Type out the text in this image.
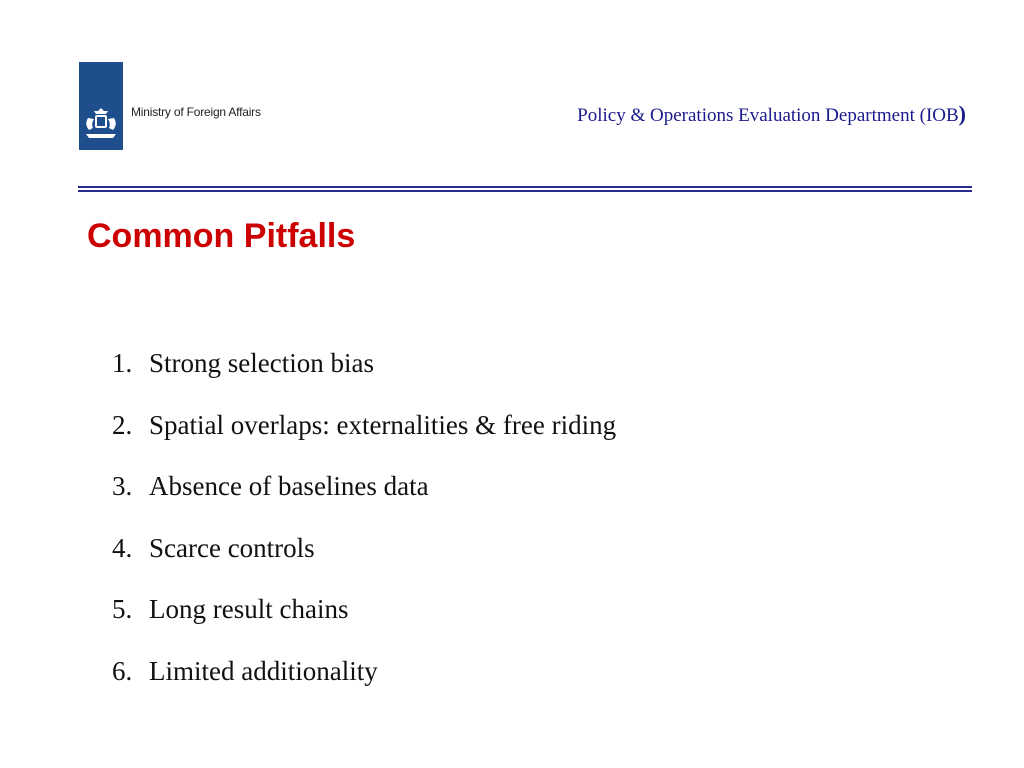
Ministry of Foreign Affairs	Policy & Operations Evaluation Department (IOB)
Common Pitfalls
1. Strong selection bias
2. Spatial overlaps: externalities & free riding
3. Absence of baselines data
4. Scarce controls
5. Long result chains
6. Limited additionality
